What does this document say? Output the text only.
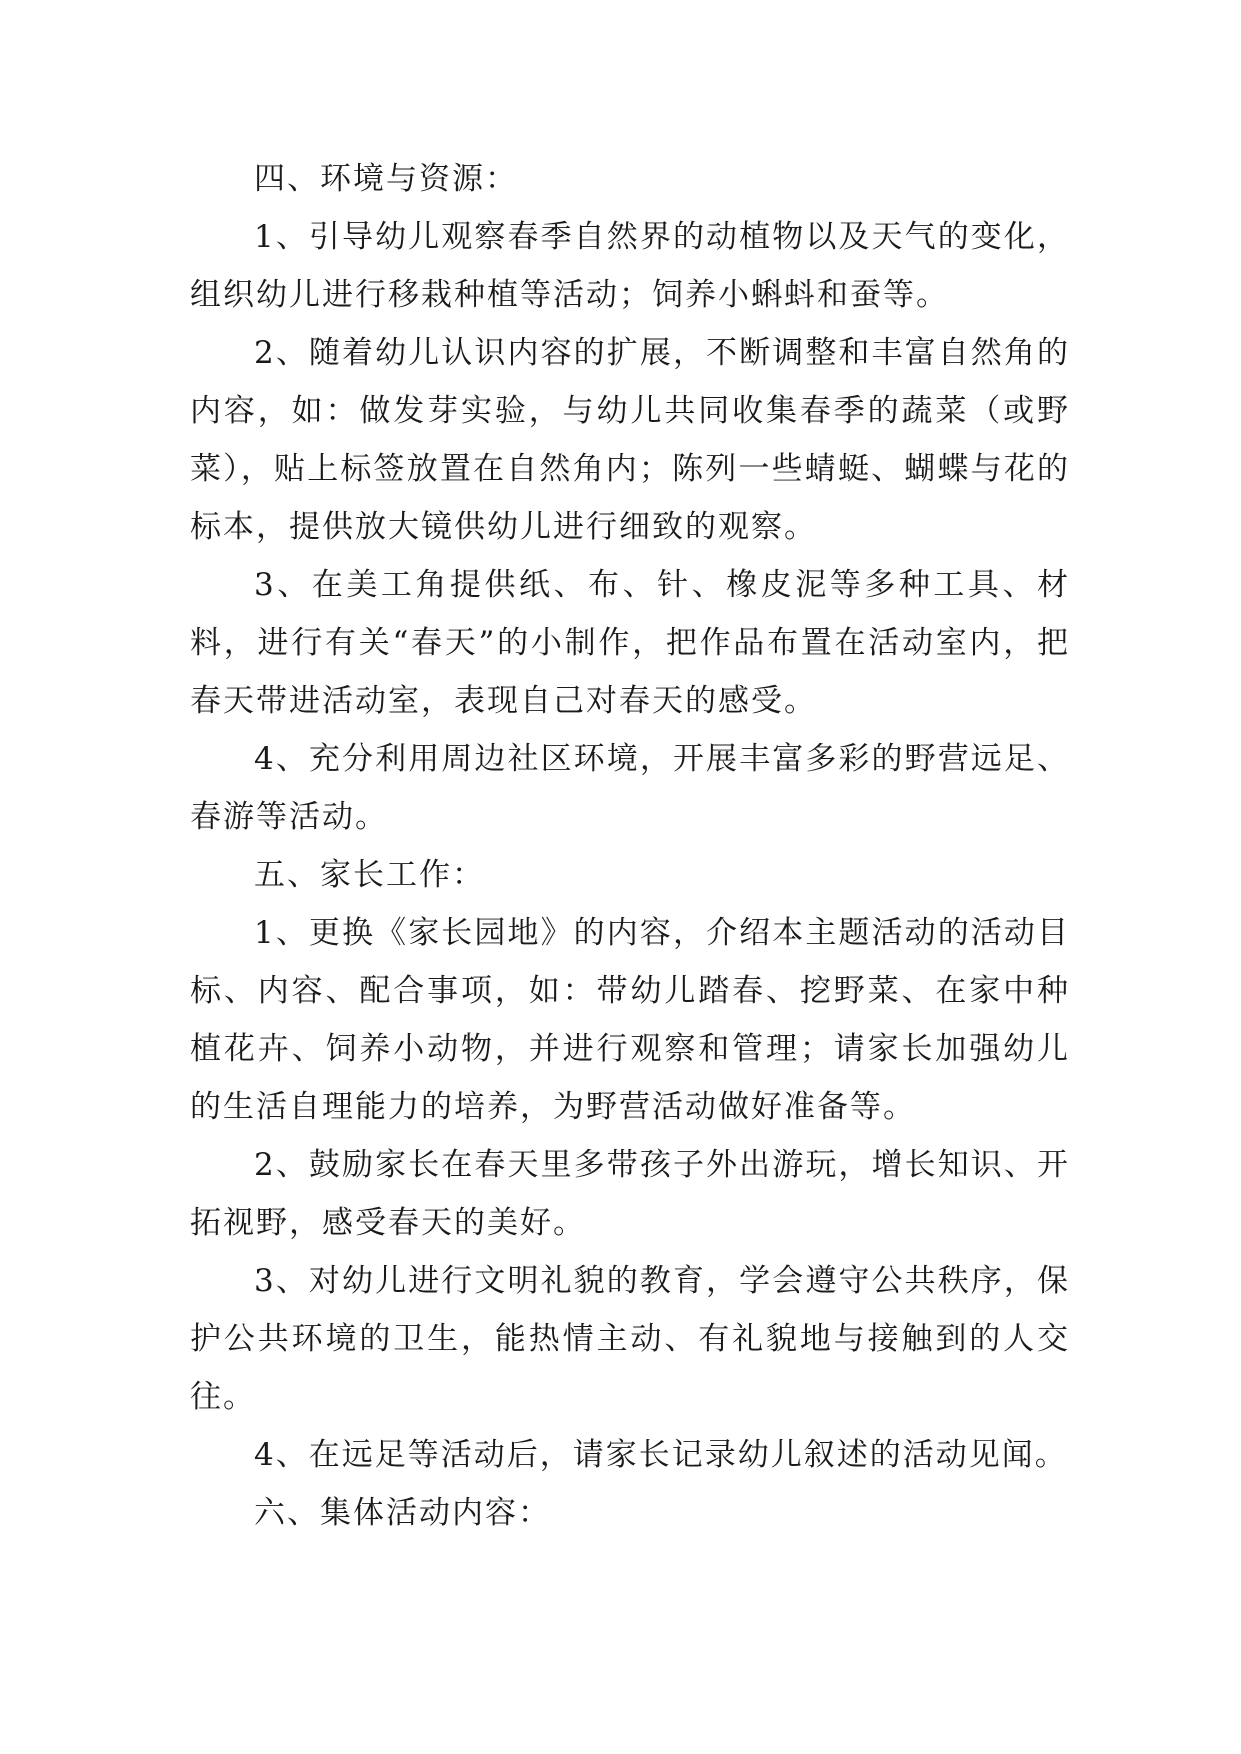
四、环境与资源：

1、引导幼儿观察春季自然界的动植物以及天气的变化，组织幼儿进行移栽种植等活动；饲养小蝌蚪和蚕等。

2、随着幼儿认识内容的扩展，不断调整和丰富自然角的内容，如：做发芽实验，与幼儿共同收集春季的蔬菜（或野菜），贴上标签放置在自然角内；陈列一些蜻蜓、蝴蝶与花的标本，提供放大镜供幼儿进行细致的观察。

3、在美工角提供纸、布、针、橡皮泥等多种工具、材料，进行有关“春天”的小制作，把作品布置在活动室内，把春天带进活动室，表现自己对春天的感受。

4、充分利用周边社区环境，开展丰富多彩的野营远足、春游等活动。

五、家长工作：

1、更换《家长园地》的内容，介绍本主题活动的活动目标、内容、配合事项，如：带幼儿踏春、挖野菜、在家中种植花卉、饲养小动物，并进行观察和管理；请家长加强幼儿的生活自理能力的培养，为野营活动做好准备等。

2、鼓励家长在春天里多带孩子外出游玩，增长知识、开拓视野，感受春天的美好。

3、对幼儿进行文明礼貌的教育，学会遵守公共秩序，保护公共环境的卫生，能热情主动、有礼貌地与接触到的人交往。

4、在远足等活动后，请家长记录幼儿叙述的活动见闻。

六、集体活动内容：
